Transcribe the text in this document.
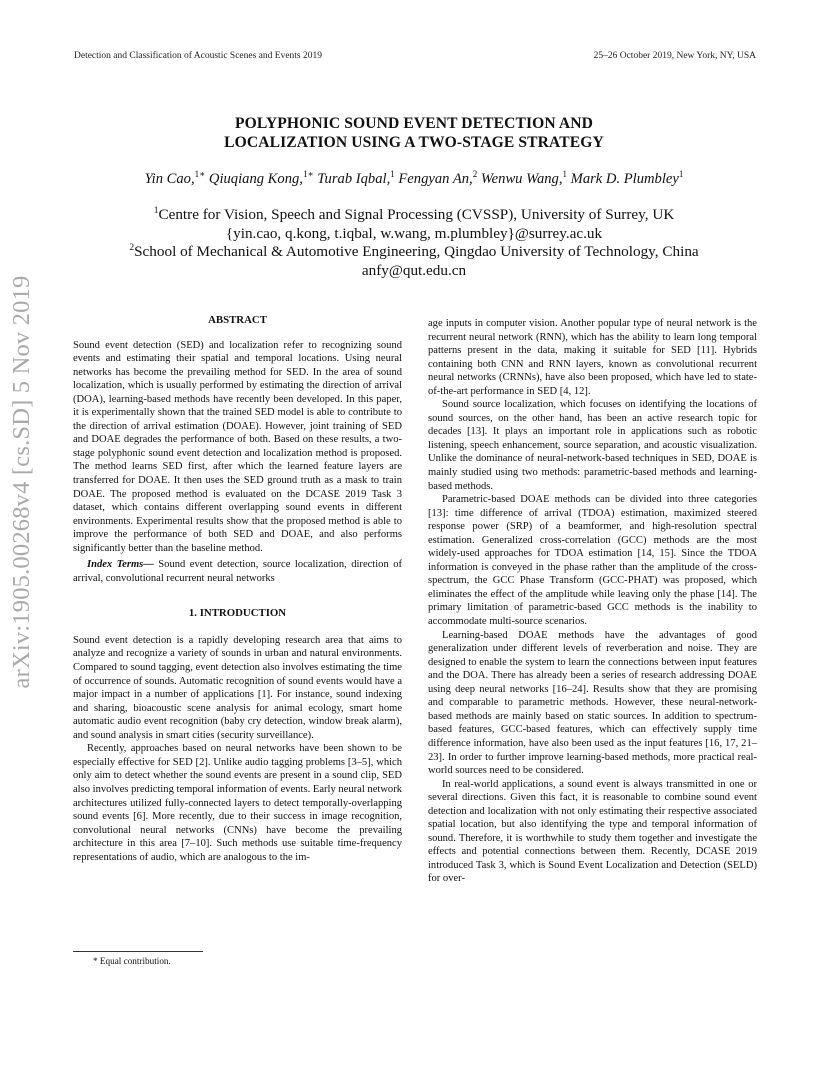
Detection and Classification of Acoustic Scenes and Events 2019	25–26 October 2019, New York, NY, USA
POLYPHONIC SOUND EVENT DETECTION AND
LOCALIZATION USING A TWO-STAGE STRATEGY
Yin Cao,$^{1∗}$ Qiuqiang Kong,$^{1∗}$ Turab Iqbal,$^1$ Fengyan An,$^2$ Wenwu Wang,$^1$ Mark D. Plumbley$^1$
$^1$Centre for Vision, Speech and Signal Processing (CVSSP), University of Surrey, UK
{yin.cao, q.kong, t.iqbal, w.wang, m.plumbley}@surrey.ac.uk
$^2$School of Mechanical & Automotive Engineering, Qingdao University of Technology, China
anfy@qut.edu.cn
arXiv:1905.00268v4 [cs.SD] 5 Nov 2019	ABSTRACT

Sound event detection (SED) and localization refer to recognizing sound events and estimating their spatial and temporal locations. Using neural networks has become the prevailing method for SED. In the area of sound localization, which is usually performed by estimating the direction of arrival (DOA), learning-based methods have recently been developed. In this paper, it is experimentally shown that the trained SED model is able to contribute to the direction of arrival estimation (DOAE). However, joint training of SED and DOAE degrades the performance of both. Based on these results, a two-stage polyphonic sound event detection and localization method is proposed. The method learns SED first, after which the learned feature layers are transferred for DOAE. It then uses the SED ground truth as a mask to train DOAE. The proposed method is evaluated on the DCASE 2019 Task 3 dataset, which contains different overlapping sound events in different environments. Experimental results show that the proposed method is able to improve the performance of both SED and DOAE, and also performs significantly better than the baseline method.

Index Terms— Sound event detection, source localization, direction of arrival, convolutional recurrent neural networks

1. INTRODUCTION

Sound event detection is a rapidly developing research area that aims to analyze and recognize a variety of sounds in urban and natural environments. Compared to sound tagging, event detection also involves estimating the time of occurrence of sounds. Automatic recognition of sound events would have a major impact in a number of applications [1]. For instance, sound indexing and sharing, bioacoustic scene analysis for animal ecology, smart home automatic audio event recognition (baby cry detection, window break alarm), and sound analysis in smart cities (security surveillance).

Recently, approaches based on neural networks have been shown to be especially effective for SED [2]. Unlike audio tagging problems [3–5], which only aim to detect whether the sound events are present in a sound clip, SED also involves predicting temporal information of events. Early neural network architectures utilized fully-connected layers to detect temporally-overlapping sound events [6]. More recently, due to their success in image recognition, convolutional neural networks (CNNs) have become the prevailing architecture in this area [7–10]. Such methods use suitable time-frequency representations of audio, which are analogous to the im-

age inputs in computer vision. Another popular type of neural network is the recurrent neural network (RNN), which has the ability to learn long temporal patterns present in the data, making it suitable for SED [11]. Hybrids containing both CNN and RNN layers, known as convolutional recurrent neural networks (CRNNs), have also been proposed, which have led to state-of-the-art performance in SED [4, 12].

Sound source localization, which focuses on identifying the locations of sound sources, on the other hand, has been an active research topic for decades [13]. It plays an important role in applications such as robotic listening, speech enhancement, source separation, and acoustic visualization. Unlike the dominance of neural-network-based techniques in SED, DOAE is mainly studied using two methods: parametric-based methods and learning-based methods.

Parametric-based DOAE methods can be divided into three categories [13]: time difference of arrival (TDOA) estimation, maximized steered response power (SRP) of a beamformer, and high-resolution spectral estimation. Generalized cross-correlation (GCC) methods are the most widely-used approaches for TDOA estimation [14, 15]. Since the TDOA information is conveyed in the phase rather than the amplitude of the cross-spectrum, the GCC Phase Transform (GCC-PHAT) was proposed, which eliminates the effect of the amplitude while leaving only the phase [14]. The primary limitation of parametric-based GCC methods is the inability to accommodate multi-source scenarios.

Learning-based DOAE methods have the advantages of good generalization under different levels of reverberation and noise. They are designed to enable the system to learn the connections between input features and the DOA. There has already been a series of research addressing DOAE using deep neural networks [16–24]. Results show that they are promising and comparable to parametric methods. However, these neural-network-based methods are mainly based on static sources. In addition to spectrum-based features, GCC-based features, which can effectively supply time difference information, have also been used as the input features [16, 17, 21–23]. In order to further improve learning-based methods, more practical real-world sources need to be considered.

In real-world applications, a sound event is always transmitted in one or several directions. Given this fact, it is reasonable to combine sound event detection and localization with not only estimating their respective associated spatial location, but also identifying the type and temporal information of sound. Therefore, it is worthwhile to study them together and investigate the effects and potential connections between them. Recently, DCASE 2019 introduced Task 3, which is Sound Event Localization and Detection (SELD) for over-

* Equal contribution.
